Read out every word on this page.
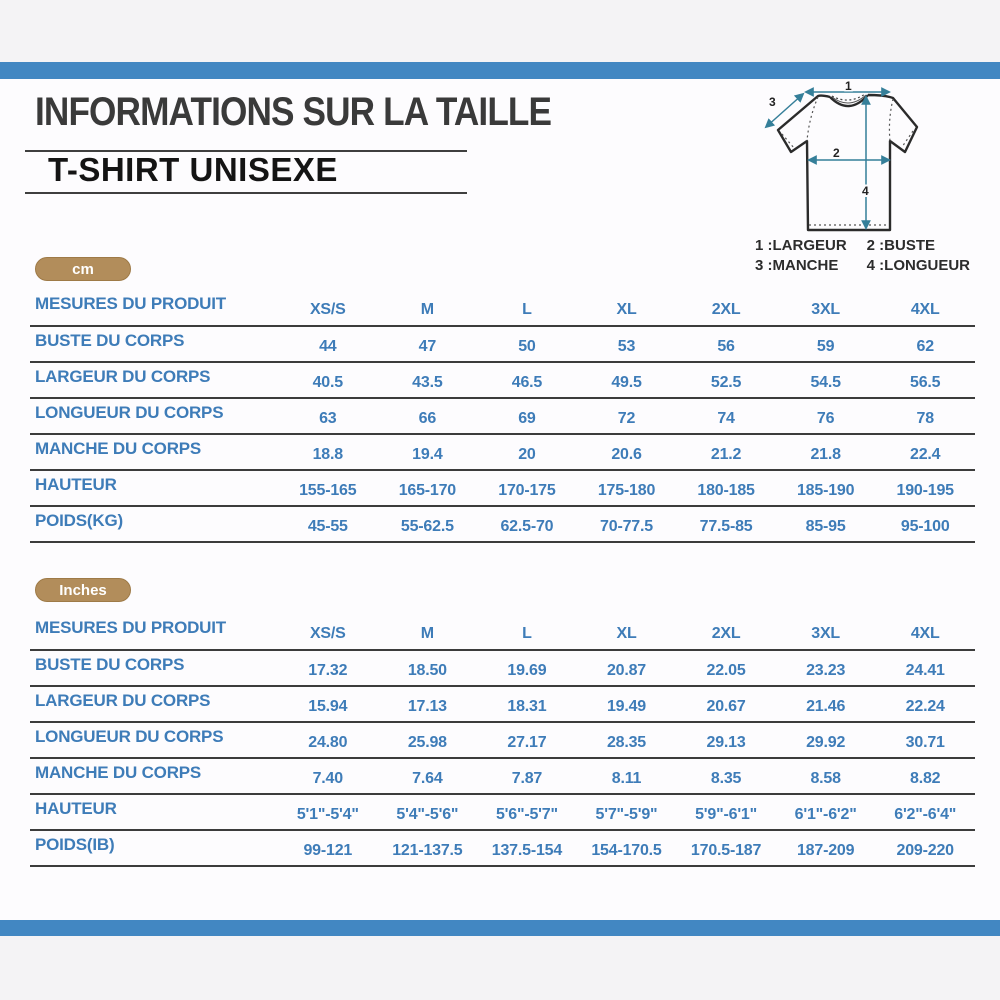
INFORMATIONS SUR LA TAILLE
T-SHIRT UNISEXE
1
3
2
4
1 :LARGEUR 2 :BUSTE
3 :MANCHE	4 :LONGUEUR
cm
MESURES DU PRODUIT	XS/S	M	L	XL	2XL	3XL	4XL
BUSTE DU CORPS	44	47	50	53	56	59	62
LARGEUR DU CORPS	40.5	43.5	46.5	49.5	52.5	54.5	56.5
LONGUEUR DU CORPS	63	66	69	72	74	76	78
MANCHE DU CORPS	18.8	19.4	20	20.6	21.2	21.8	22.4
HAUTEUR	155-165	165-170	170-175	175-180	180-185	185-190	190-195
POIDS(KG)	45-55	55-62.5	62.5-70	70-77.5	77.5-85	85-95	95-100
Inches
MESURES DU PRODUIT	XS/S	M	L	XL	2XL	3XL	4XL
BUSTE DU CORPS	17.32	18.50	19.69	20.87	22.05	23.23	24.41
LARGEUR DU CORPS	15.94	17.13	18.31	19.49	20.67	21.46	22.24
LONGUEUR DU CORPS	24.80	25.98	27.17	28.35	29.13	29.92	30.71
MANCHE DU CORPS	7.40	7.64	7.87	8.11	8.35	8.58	8.82
HAUTEUR	5'1"-5'4"	5'4"-5'6"	5'6"-5'7"	5'7"-5'9"	5'9"-6'1"	6'1"-6'2"	6'2"-6'4"
POIDS(IB)	99-121	121-137.5	137.5-154	154-170.5	170.5-187	187-209	209-220
